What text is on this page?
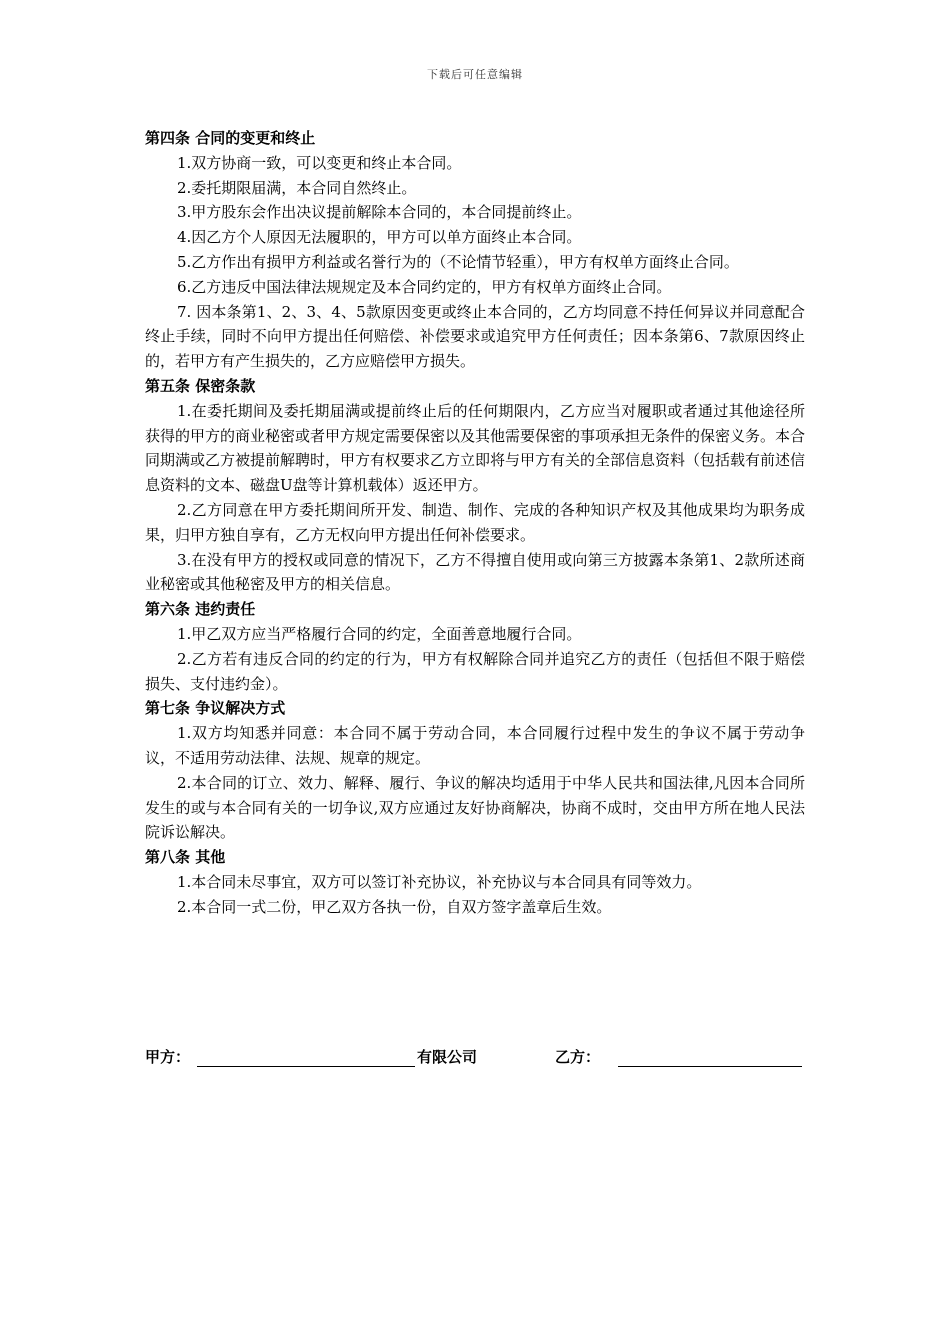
下载后可任意编辑

第四条 合同的变更和终止

1.双方协商一致，可以变更和终止本合同。

2.委托期限届满，本合同自然终止。

3.甲方股东会作出决议提前解除本合同的，本合同提前终止。

4.因乙方个人原因无法履职的，甲方可以单方面终止本合同。

5.乙方作出有损甲方利益或名誉行为的（不论情节轻重），甲方有权单方面终止合同。

6.乙方违反中国法律法规规定及本合同约定的，甲方有权单方面终止合同。

7. 因本条第1、2、3、4、5款原因变更或终止本合同的，乙方均同意不持任何异议并同意配合终止手续，同时不向甲方提出任何赔偿、补偿要求或追究甲方任何责任；因本条第6、7款原因终止的，若甲方有产生损失的，乙方应赔偿甲方损失。

第五条 保密条款

1.在委托期间及委托期届满或提前终止后的任何期限内，乙方应当对履职或者通过其他途径所获得的甲方的商业秘密或者甲方规定需要保密以及其他需要保密的事项承担无条件的保密义务。本合同期满或乙方被提前解聘时，甲方有权要求乙方立即将与甲方有关的全部信息资料（包括载有前述信息资料的文本、磁盘U盘等计算机载体）返还甲方。

2.乙方同意在甲方委托期间所开发、制造、制作、完成的各种知识产权及其他成果均为职务成果，归甲方独自享有，乙方无权向甲方提出任何补偿要求。

3.在没有甲方的授权或同意的情况下，乙方不得擅自使用或向第三方披露本条第1、2款所述商业秘密或其他秘密及甲方的相关信息。

第六条 违约责任

1.甲乙双方应当严格履行合同的约定，全面善意地履行合同。

2.乙方若有违反合同的约定的行为，甲方有权解除合同并追究乙方的责任（包括但不限于赔偿损失、支付违约金）。

第七条 争议解决方式

1.双方均知悉并同意：本合同不属于劳动合同，本合同履行过程中发生的争议不属于劳动争议，不适用劳动法律、法规、规章的规定。

2.本合同的订立、效力、解释、履行、争议的解决均适用于中华人民共和国法律,凡因本合同所发生的或与本合同有关的一切争议,双方应通过友好协商解决，协商不成时，交由甲方所在地人民法院诉讼解决。

第八条 其他

1.本合同未尽事宜，双方可以签订补充协议，补充协议与本合同具有同等效力。

2.本合同一式二份，甲乙双方各执一份，自双方签字盖章后生效。

甲方：	有限公司	乙方：
